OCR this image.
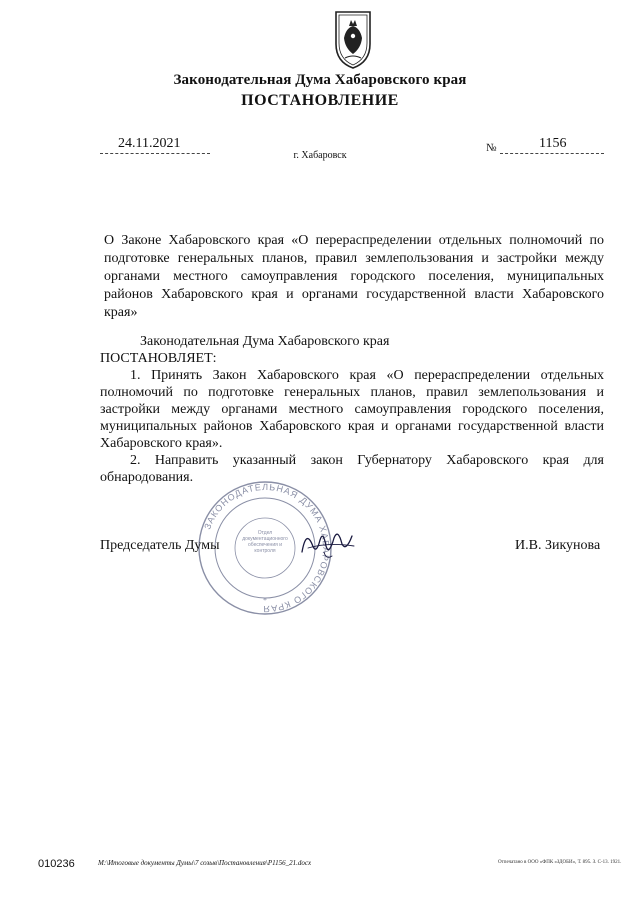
Законодательная Дума Хабаровского края
ПОСТАНОВЛЕНИЕ
24.11.2021
г. Хабаровск
№	1156

О Законе Хабаровского края «О перераспределении отдельных полномочий по подготовке генеральных планов, правил землепользования и застройки между органами местного самоуправления городского поселения, муниципальных районов Хабаровского края и органами государственной власти Хабаровского края»

Законодательная Дума Хабаровского края

ПОСТАНОВЛЯЕТ:

1. Принять Закон Хабаровского края «О перераспределении отдельных полномочий по подготовке генеральных планов, правил землепользования и застройки между органами местного самоуправления городского поселения, муниципальных районов Хабаровского края и органами государственной власти Хабаровского края».

2. Направить указанный закон Губернатору Хабаровского края для обнародования.

ЗАКОНОДАТЕЛЬНАЯ ДУМА ХАБАРОВСКОГО КРАЯ
Отдел документационного обеспечения и контроля
*
Председатель Думы	И.В. Зикунова
010236	M:\Итоговые документы Думы\7 созыв\Постановления\P1156_21.docx	Отпечатано в ООО «ФПК «ЗДОБИ», Т. 895. З. С-13. 1921.
